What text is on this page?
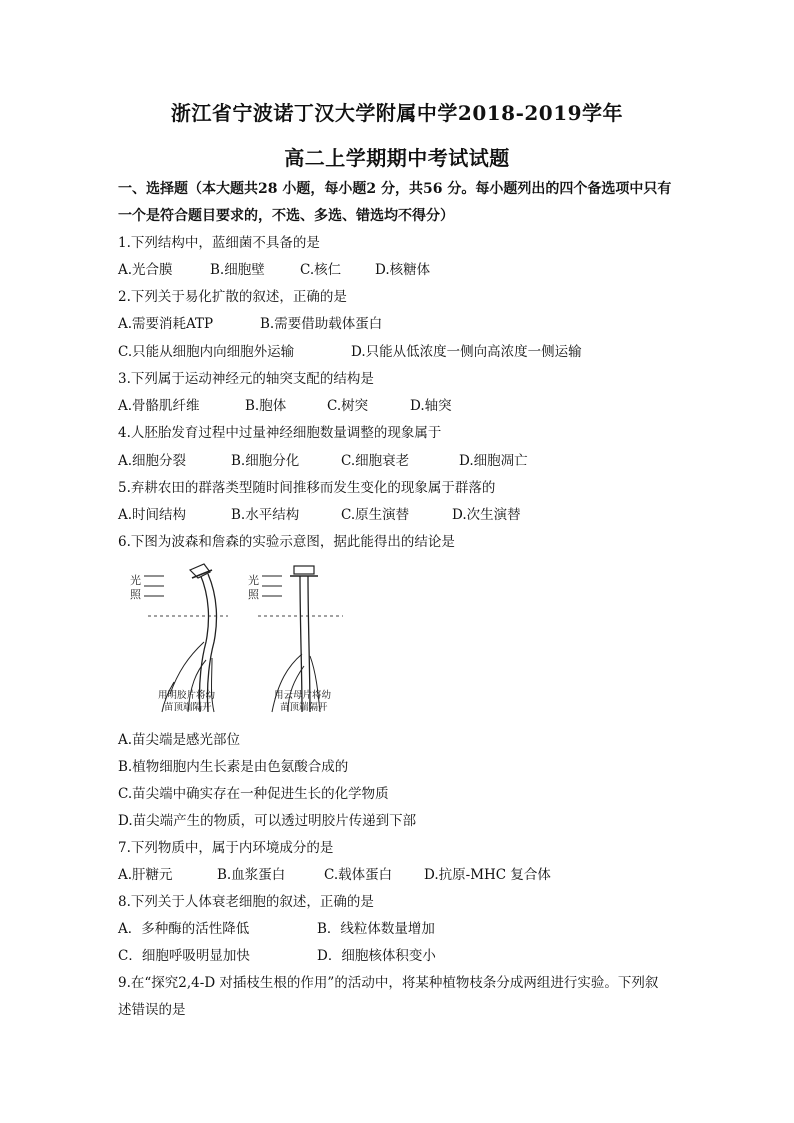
浙江省宁波诺丁汉大学附属中学2018-2019学年
高二上学期期中考试试题
一、选择题（本大题共28 小题，每小题2 分，共56 分。每小题列出的四个备选项中只有
一个是符合题目要求的，不选、多选、错选均不得分）
1.下列结构中，蓝细菌不具备的是
A.光合膜	B.细胞壁	C.核仁	D.核糖体
2.下列关于易化扩散的叙述，正确的是
A.需要消耗ATP	B.需要借助载体蛋白
C.只能从细胞内向细胞外运输	D.只能从低浓度一侧向高浓度一侧运输
3.下列属于运动神经元的轴突支配的结构是
A.骨骼肌纤维	B.胞体	C.树突	D.轴突
4.人胚胎发育过程中过量神经细胞数量调整的现象属于
A.细胞分裂	B.细胞分化	C.细胞衰老	D.细胞凋亡
5.弃耕农田的群落类型随时间推移而发生变化的现象属于群落的
A.时间结构	B.水平结构	C.原生演替	D.次生演替
6.下图为波森和詹森的实验示意图，据此能得出的结论是
光
照
光
照
用明胶片将幼
苗顶端隔开
用云母片将幼
苗顶端隔开
A.苗尖端是感光部位
B.植物细胞内生长素是由色氨酸合成的
C.苗尖端中确实存在一种促进生长的化学物质
D.苗尖端产生的物质，可以透过明胶片传递到下部
7.下列物质中，属于内环境成分的是
A.肝糖元	B.血浆蛋白	C.载体蛋白 D.抗原-MHC 复合体
8.下列关于人体衰老细胞的叙述，正确的是
A．多种酶的活性降低	B．线粒体数量增加
C．细胞呼吸明显加快	D．细胞核体积变小
9.在“探究2,4-D 对插枝生根的作用”的活动中，将某种植物枝条分成两组进行实验。下列叙
述错误的是
